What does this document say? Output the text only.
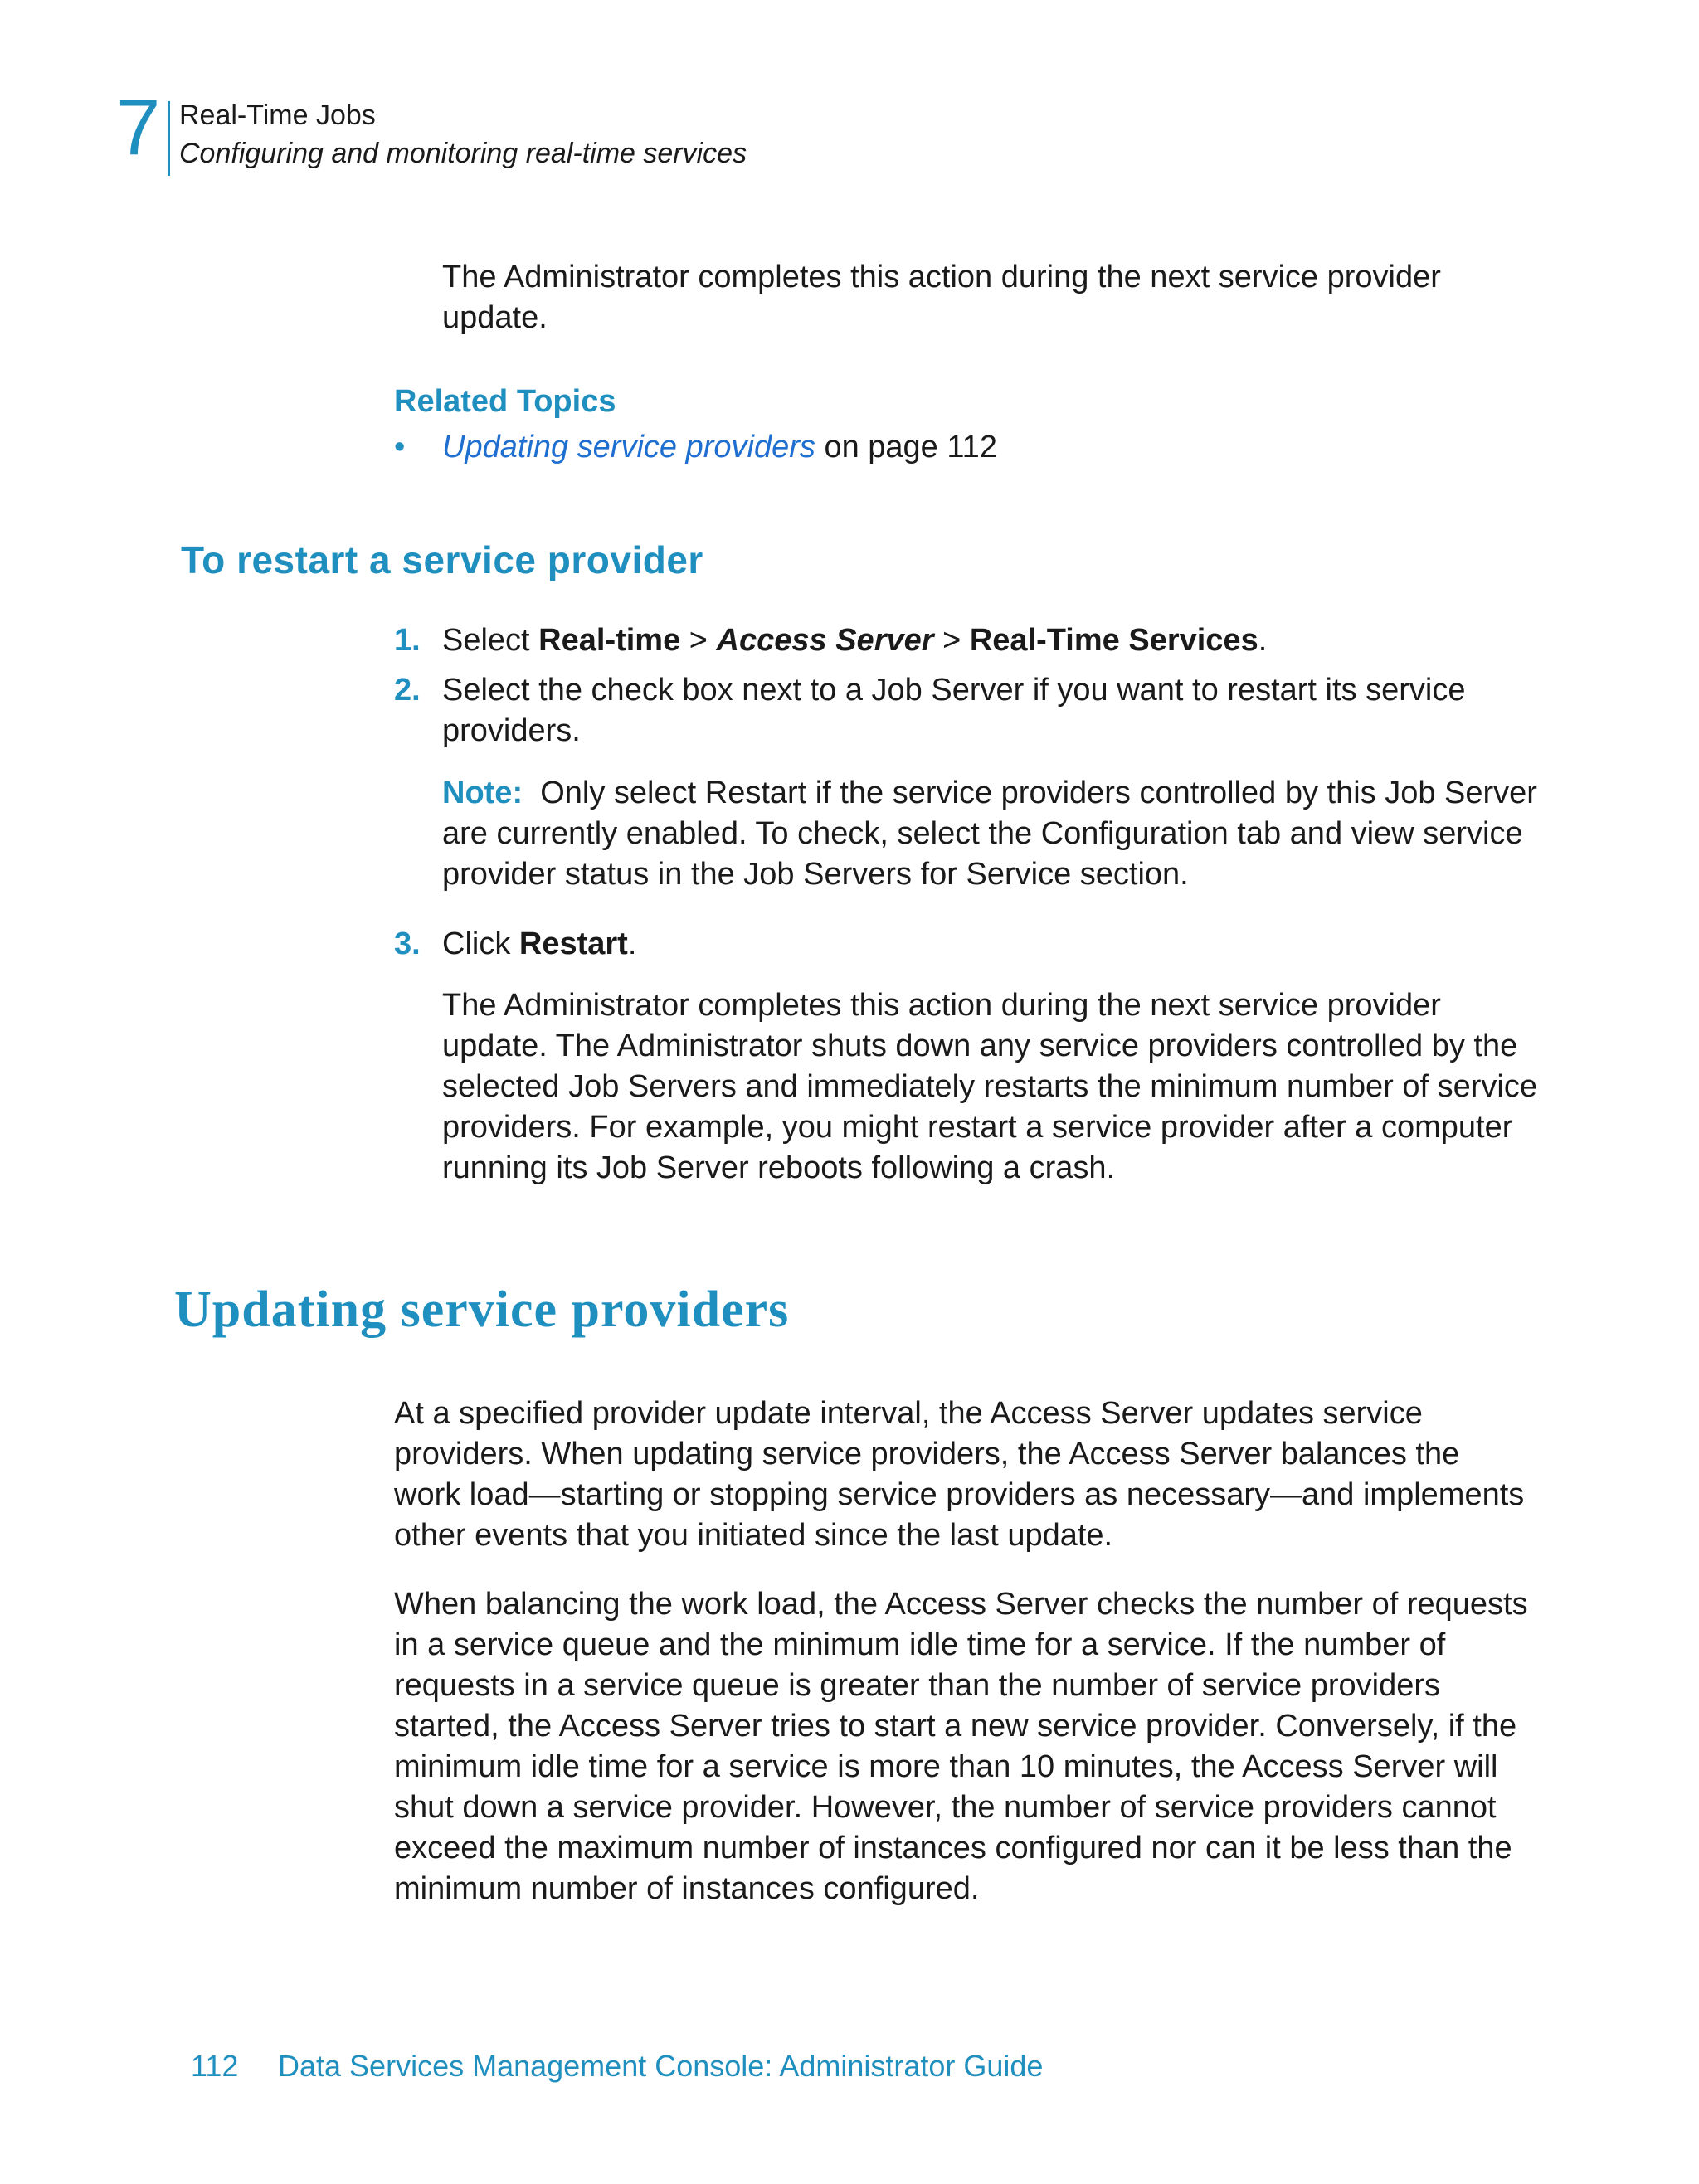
7 Real-Time Jobs
Configuring and monitoring real-time services

The Administrator completes this action during the next service provider update.

Related Topics
• Updating service providers on page 112
To restart a service provider
1. Select Real-time > Access Server > Real-Time Services.
2. Select the check box next to a Job Server if you want to restart its service providers.

Note: Only select Restart if the service providers controlled by this Job Server are currently enabled. To check, select the Configuration tab and view service provider status in the Job Servers for Service section.

3. Click Restart.

The Administrator completes this action during the next service provider update. The Administrator shuts down any service providers controlled by the selected Job Servers and immediately restarts the minimum number of service providers. For example, you might restart a service provider after a computer running its Job Server reboots following a crash.

Updating service providers

At a specified provider update interval, the Access Server updates service providers. When updating service providers, the Access Server balances the work load—starting or stopping service providers as necessary—and implements other events that you initiated since the last update.

When balancing the work load, the Access Server checks the number of requests in a service queue and the minimum idle time for a service. If the number of requests in a service queue is greater than the number of service providers started, the Access Server tries to start a new service provider. Conversely, if the minimum idle time for a service is more than 10 minutes, the Access Server will shut down a service provider. However, the number of service providers cannot exceed the maximum number of instances configured nor can it be less than the minimum number of instances configured.

112 Data Services Management Console: Administrator Guide
